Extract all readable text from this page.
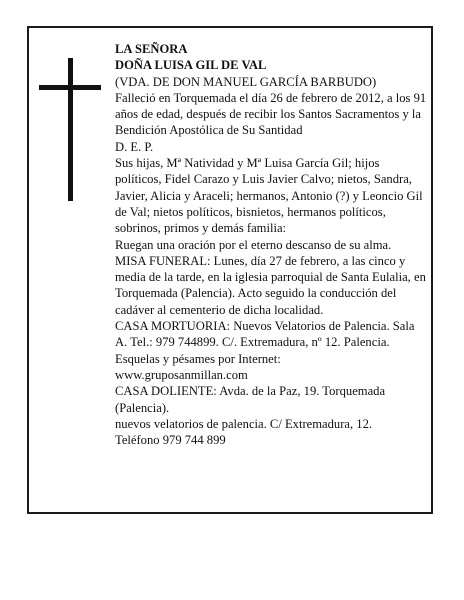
LA SEÑORA

DOÑA LUISA GIL DE VAL

(VDA. DE DON MANUEL GARCÍA BARBUDO)

Falleció en Torquemada el día 26 de febrero de 2012, a los 91 años de edad, después de recibir los Santos Sacramentos y la Bendición Apostólica de Su Santidad

D. E. P.

Sus hijas, Mª Natividad y Mª Luisa García Gil; hijos políticos, Fidel Carazo y Luis Javier Calvo; nietos, Sandra, Javier, Alicia y Araceli; hermanos, Antonio (?) y Leoncio Gil de Val; nietos políticos, bisnietos, hermanos políticos, sobrinos, primos y demás familia:

Ruegan una oración por el eterno descanso de su alma.

MISA FUNERAL: Lunes, día 27 de febrero, a las cinco y media de la tarde, en la iglesia parroquial de Santa Eulalia, en Torquemada (Palencia). Acto seguido la conducción del cadáver al cementerio de dicha localidad.

CASA MORTUORIA: Nuevos Velatorios de Palencia. Sala A. Tel.: 979 744899. C/. Extremadura, nº 12. Palencia.

Esquelas y pésames por Internet:

www.gruposanmillan.com

CASA DOLIENTE: Avda. de la Paz, 19. Torquemada (Palencia).

nuevos velatorios de palencia. C/ Extremadura, 12.

Teléfono 979 744 899
